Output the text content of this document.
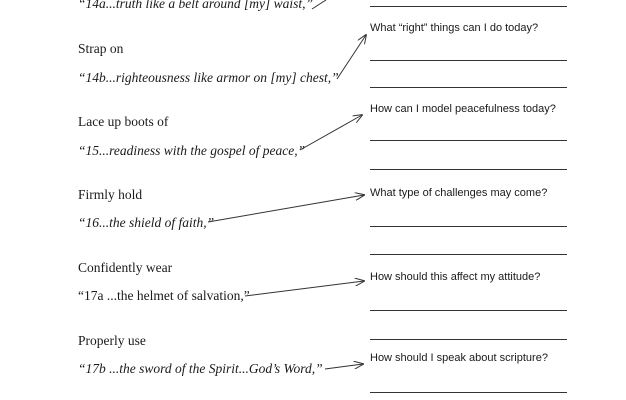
“14a...truth like a belt around [my] waist,”
Strap on
“14b...righteousness like armor on [my] chest,”
What “right” things can I do today?
Lace up boots of
“15...readiness with the gospel of peace,”
How can I model peacefulness today?
Firmly hold
“16...the shield of faith,”
What type of challenges may come?
Confidently wear
“17a ...the helmet of salvation,”
How should this affect my attitude?
Properly use
“17b ...the sword of the Spirit...God’s Word,”
How should I speak about scripture?
